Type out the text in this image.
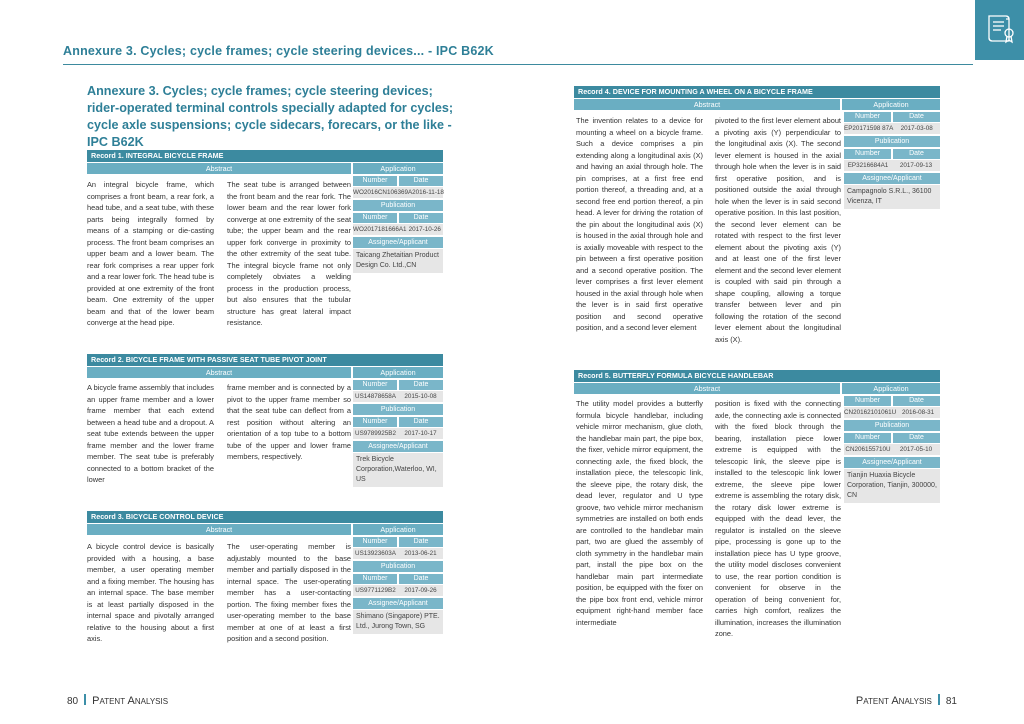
Annexure 3. Cycles; cycle frames; cycle steering devices... - IPC B62K
Annexure 3. Cycles; cycle frames; cycle steering devices; rider-operated terminal controls specially adapted for cycles; cycle axle suspensions; cycle sidecars, forecars, or the like - IPC B62K
Record 1. INTEGRAL BICYCLE FRAME
Abstract	Application
An integral bicycle frame, which comprises a front beam, a rear fork, a head tube, and a seat tube, with these parts being integrally formed by means of a stamping or die-casting process. The front beam comprises an upper beam and a lower beam. The rear fork comprises a rear upper fork and a rear lower fork. The head tube is provided at one extremity of the front beam. One extremity of the upper beam and that of the lower beam converge at the head pipe.
The seat tube is arranged between the front beam and the rear fork. The lower beam and the rear lower fork converge at one extremity of the seat tube; the upper beam and the rear upper fork converge in proximity to the other extremity of the seat tube. The integral bicycle frame not only completely obviates a welding process in the production process, but also ensures that the tubular structure has great lateral impact resistance.
Number	Date
WO2016CN106369A 2016-11-18
Publication
Number	Date
WO2017181666A1 2017-10-26
Assignee/Applicant
Taicang Zhetaitian Product Design Co. Ltd.,CN
Record 2. BICYCLE FRAME WITH PASSIVE SEAT TUBE PIVOT JOINT
Abstract	Application
A bicycle frame assembly that includes an upper frame member and a lower frame member that each extend between a head tube and a dropout. A seat tube extends between the upper frame member and the lower frame member. The seat tube is preferably connected to a bottom bracket of the lower
frame member and is connected by a pivot to the upper frame member so that the seat tube can deflect from a rest position without altering an orientation of a top tube to a bottom tube of the upper and lower frame members, respectively.
Number	Date
US14878658A	2015-10-08
Publication
Number	Date
US9789925B2	2017-10-17
Assignee/Applicant
Trek Bicycle Corporation,Waterloo, WI, US
Record 3. BICYCLE CONTROL DEVICE
Abstract	Application
A bicycle control device is basically provided with a housing, a base member, a user operating member and a fixing member. The housing has an internal space. The base member is at least partially disposed in the internal space and pivotally arranged relative to the housing about a first axis.
The user-operating member is adjustably mounted to the base member and partially disposed in the internal space. The user-operating member has a user-contacting portion. The fixing member fixes the user-operating member to the base member at one of at least a first position and a second position.
Number	Date
US13923603A	2013-06-21
Publication
Number	Date
US9771129B2	2017-09-26
Assignee/Applicant
Shimano (Singapore) PTE. Ltd., Jurong Town, SG
Record 4. DEVICE FOR MOUNTING A WHEEL ON A BICYCLE FRAME
Abstract	Application
The invention relates to a device for mounting a wheel on a bicycle frame. Such a device comprises a pin extending along a longitudinal axis (X) and having an axial through hole. The pin comprises, at a first free end portion thereof, a threading and, at a second free end portion thereof, a pin head. A lever for driving the rotation of the pin about the longitudinal axis (X) is housed in the axial through hole and is axially moveable with respect to the pin between a first operative position and a second operative position. The lever comprises a first lever element housed in the axial through hole when the lever is in said first operative position and second operative position, and a second lever element
pivoted to the first lever element about a pivoting axis (Y) perpendicular to the longitudinal axis (X). The second lever element is housed in the axial through hole when the lever is in said first operative position, and is positioned outside the axial through hole when the lever is in said second operative position. In this last position, the second lever element can be rotated with respect to the first lever element about the pivoting axis (Y) and at least one of the first lever element and the second lever element is coupled with said pin through a shape coupling, allowing a torque transfer between lever and pin following the rotation of the second lever element about the longitudinal axis (X).
Number	Date
EP20171598 87A	2017-03-08
Publication
Number	Date
EP3216684A1	2017-09-13
Assignee/Applicant
Campagnolo S.R.L., 36100 Vicenza, IT
Record 5. BUTTERFLY FORMULA BICYCLE HANDLEBAR
Abstract	Application
The utility model provides a butterfly formula bicycle handlebar, including vehicle mirror mechanism, glue cloth, the handlebar main part, the pipe box, the fixer, vehicle mirror equipment, the connecting axle, the fixed block, the installation piece, the telescopic link, the sleeve pipe, the rotary disk, the dead lever, regulator and U type groove, two vehicle mirror mechanism symmetries are installed on both ends are controlled to the handlebar main part, two are glued the assembly of cloth symmetry in the handlebar main part, install the pipe box on the handlebar main part intermediate position, be equipped with the fixer on the pipe box front end, vehicle mirror equipment right-hand member face intermediate
position is fixed with the connecting axle, the connecting axle is connected with the fixed block through the bearing, installation piece lower extreme is equipped with the telescopic link, the sleeve pipe is installed to the telescopic link lower extreme, the sleeve pipe lower extreme is assembling the rotary disk, the rotary disk lower extreme is equipped with the dead lever, the regulator is installed on the sleeve pipe, processing is gone up to the installation piece has U type groove, the utility model discloses convenient to use, the rear portion condition is convenient for observe in the operation of being convenient for, carries high comfort, realizes the illumination, increases the illumination zone.
Number	Date
CN20162101061U 2016-08-31
Publication
Number	Date
CN206155710U	2017-05-10
Assignee/Applicant
Tianjin Huaxia Bicycle Corporation, Tianjin, 300000, CN
80 Patent Analysis	Patent Analysis 81
